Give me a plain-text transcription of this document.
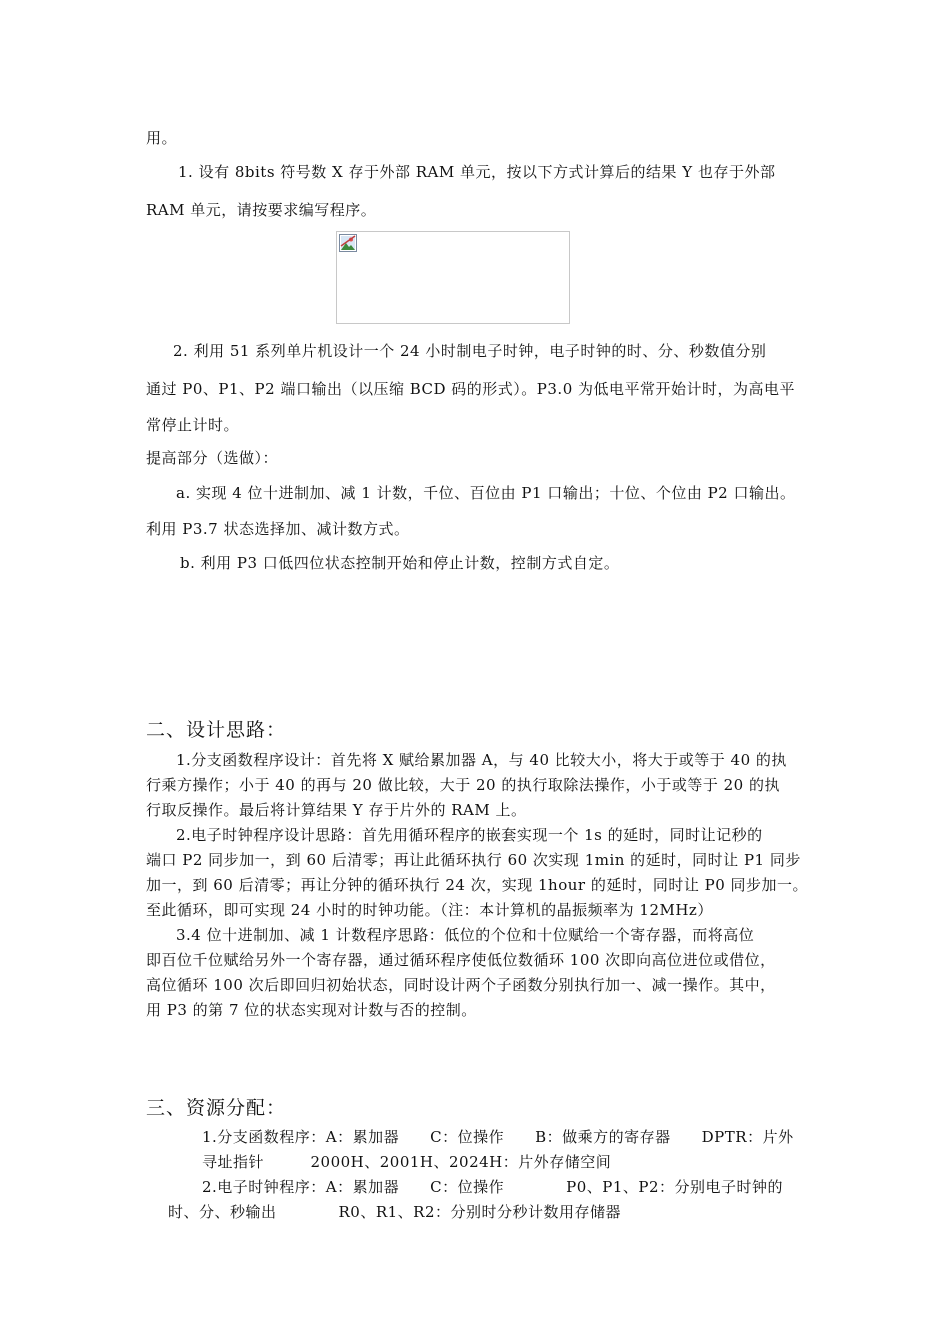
用。
1. 设有 8bits 符号数 X 存于外部 RAM 单元，按以下方式计算后的结果 Y 也存于外部
RAM 单元，请按要求编写程序。
2. 利用 51 系列单片机设计一个 24 小时制电子时钟，电子时钟的时、分、秒数值分别
通过 P0、P1、P2 端口输出（以压缩 BCD 码的形式）。P3.0 为低电平常开始计时，为高电平
常停止计时。
提高部分（选做）：
a. 实现 4 位十进制加、减 1 计数，千位、百位由 P1 口输出；十位、个位由 P2 口输出。
利用 P3.7 状态选择加、减计数方式。
b. 利用 P3 口低四位状态控制开始和停止计数，控制方式自定。
二、设计思路：
1.分支函数程序设计：首先将 X 赋给累加器 A，与 40 比较大小，将大于或等于 40 的执
行乘方操作；小于 40 的再与 20 做比较，大于 20 的执行取除法操作，小于或等于 20 的执
行取反操作。最后将计算结果 Y 存于片外的 RAM 上。
2.电子时钟程序设计思路：首先用循环程序的嵌套实现一个 1s 的延时，同时让记秒的
端口 P2 同步加一，到 60 后清零；再让此循环执行 60 次实现 1min 的延时，同时让 P1 同步
加一，到 60 后清零；再让分钟的循环执行 24 次，实现 1hour 的延时，同时让 P0 同步加一。
至此循环，即可实现 24 小时的时钟功能。（注：本计算机的晶振频率为 12MHz）
3.4 位十进制加、减 1 计数程序思路：低位的个位和十位赋给一个寄存器，而将高位
即百位千位赋给另外一个寄存器，通过循环程序使低位数循环 100 次即向高位进位或借位，
高位循环 100 次后即回归初始状态，同时设计两个子函数分别执行加一、减一操作。其中，
用 P3 的第 7 位的状态实现对计数与否的控制。
三、资源分配：
1.分支函数程序：A：累加器　　C：位操作　　B：做乘方的寄存器　　DPTR：片外
寻址指针　　　2000H、2001H、2024H：片外存储空间
2.电子时钟程序：A：累加器　　C：位操作　　　　P0、P1、P2：分别电子时钟的
时、分、秒输出　　　　R0、R1、R2：分别时分秒计数用存储器
